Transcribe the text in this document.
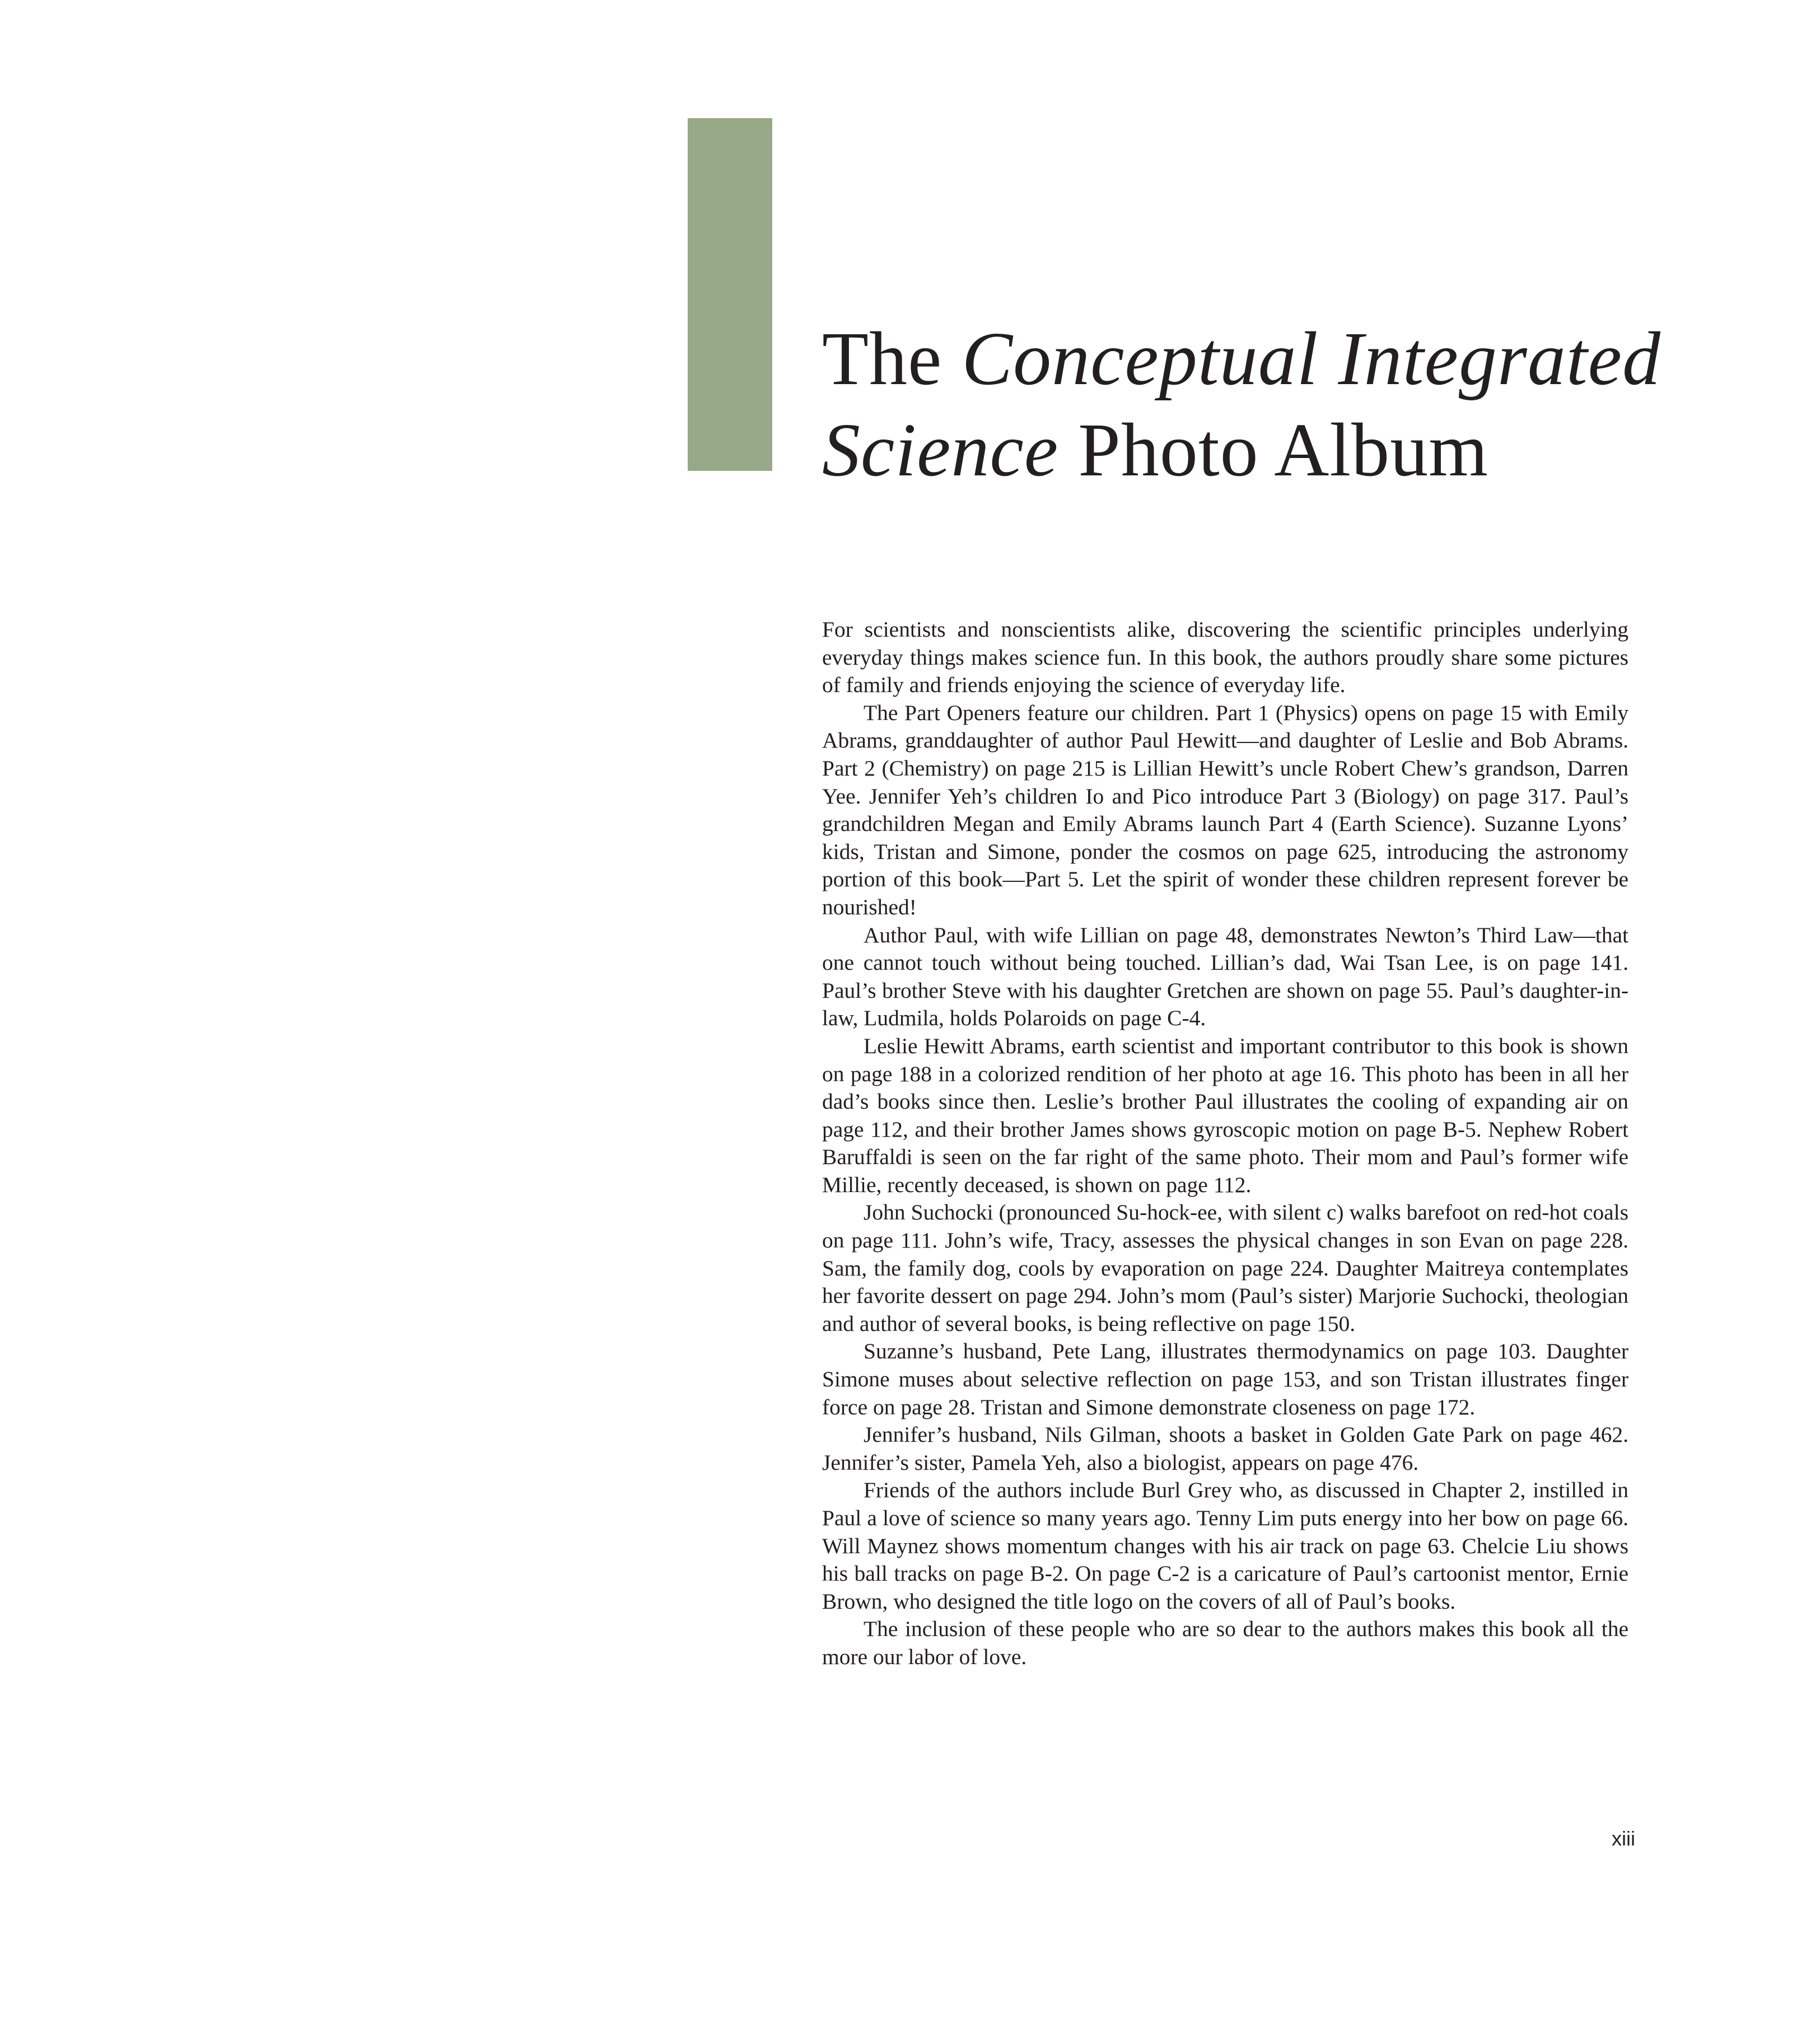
The Conceptual Integrated
Science Photo Album

For scientists and nonscientists alike, discovering the scientific principles underlying everyday things makes science fun. In this book, the authors proudly share some pictures of family and friends enjoying the science of everyday life.

The Part Openers feature our children. Part 1 (Physics) opens on page 15 with Emily Abrams, granddaughter of author Paul Hewitt—and daughter of Leslie and Bob Abrams. Part 2 (Chemistry) on page 215 is Lillian Hewitt’s uncle Robert Chew’s grandson, Darren Yee. Jennifer Yeh’s children Io and Pico introduce Part 3 (Biology) on page 317. Paul’s grandchildren Megan and Emily Abrams launch Part 4 (Earth Science). Suzanne Lyons’ kids, Tristan and Simone, ponder the cosmos on page 625, introducing the astronomy portion of this book—Part 5. Let the spirit of wonder these children represent forever be nourished!

Author Paul, with wife Lillian on page 48, demonstrates Newton’s Third Law—that one cannot touch without being touched. Lillian’s dad, Wai Tsan Lee, is on page 141. Paul’s brother Steve with his daughter Gretchen are shown on page 55. Paul’s daughter-in-law, Ludmila, holds Polaroids on page C-4.

Leslie Hewitt Abrams, earth scientist and important contributor to this book is shown on page 188 in a colorized rendition of her photo at age 16. This photo has been in all her dad’s books since then. Leslie’s brother Paul illustrates the cooling of expanding air on page 112, and their brother James shows gyroscopic motion on page B-5. Nephew Robert Baruffaldi is seen on the far right of the same photo. Their mom and Paul’s former wife Millie, recently deceased, is shown on page 112.

John Suchocki (pronounced Su-hock-ee, with silent c) walks barefoot on red-hot coals on page 111. John’s wife, Tracy, assesses the physical changes in son Evan on page 228. Sam, the family dog, cools by evaporation on page 224. Daughter Maitreya contemplates her favorite dessert on page 294. John’s mom (Paul’s sister) Marjorie Suchocki, theologian and author of several books, is being reflective on page 150.

Suzanne’s husband, Pete Lang, illustrates thermodynamics on page 103. Daughter Simone muses about selective reflection on page 153, and son Tristan illustrates finger force on page 28. Tristan and Simone demonstrate closeness on page 172.

Jennifer’s husband, Nils Gilman, shoots a basket in Golden Gate Park on page 462. Jennifer’s sister, Pamela Yeh, also a biologist, appears on page 476.

Friends of the authors include Burl Grey who, as discussed in Chapter 2, instilled in Paul a love of science so many years ago. Tenny Lim puts energy into her bow on page 66. Will Maynez shows momentum changes with his air track on page 63. Chelcie Liu shows his ball tracks on page B-2. On page C-2 is a caricature of Paul’s cartoonist mentor, Ernie Brown, who designed the title logo on the covers of all of Paul’s books.

The inclusion of these people who are so dear to the authors makes this book all the more our labor of love.

xiii
